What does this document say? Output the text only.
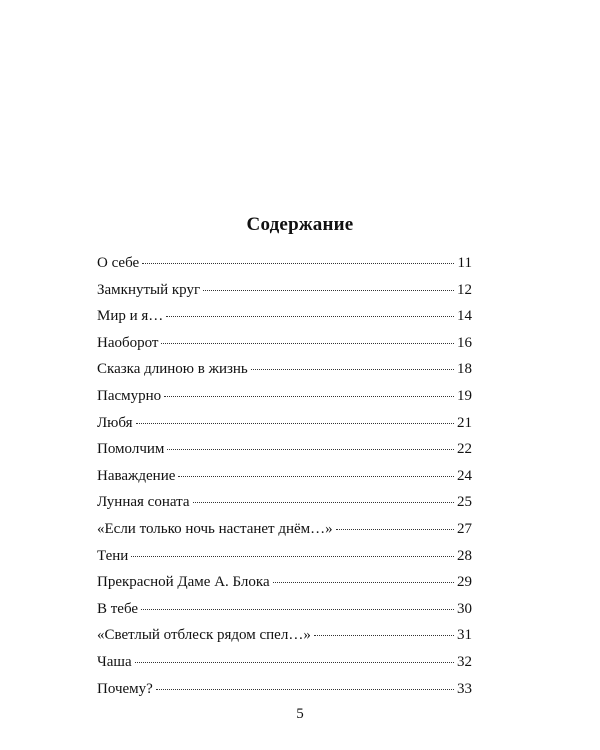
Содержание
О себе	11
Замкнутый круг	12
Мир и я…	14
Наоборот	16
Сказка длиною в жизнь	18
Пасмурно	19
Любя	21
Помолчим	22
Наваждение	24
Лунная соната	25
«Если только ночь настанет днём…»	27
Тени	28
Прекрасной Даме А. Блока	29
В тебе	30
«Светлый отблеск рядом спел…»	31
Чаша	32
Почему?	33
5
